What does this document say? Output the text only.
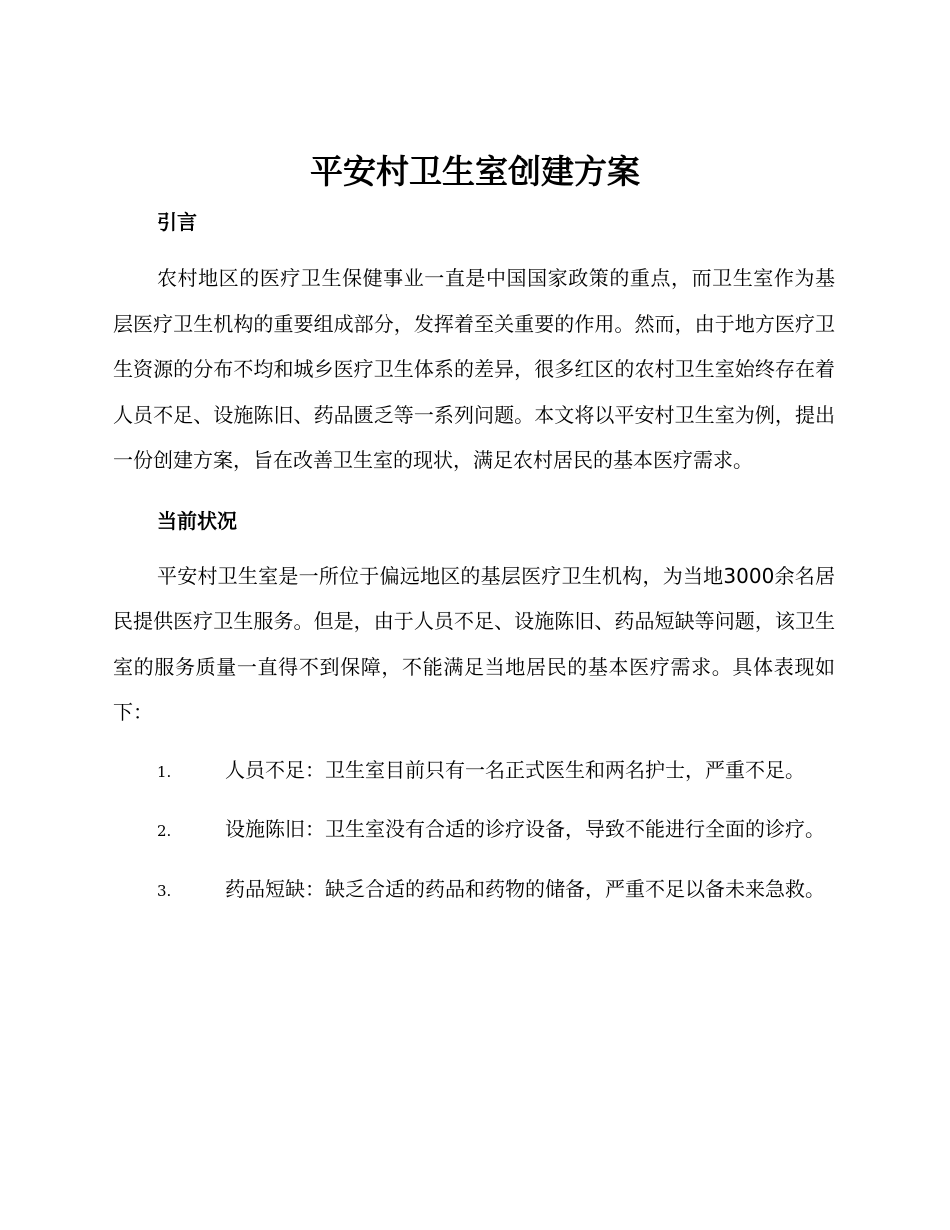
平安村卫生室创建方案
引言

农村地区的医疗卫生保健事业一直是中国国家政策的重点，而卫生室作为基层医疗卫生机构的重要组成部分，发挥着至关重要的作用。然而，由于地方医疗卫生资源的分布不均和城乡医疗卫生体系的差异，很多红区的农村卫生室始终存在着人员不足、设施陈旧、药品匮乏等一系列问题。本文将以平安村卫生室为例，提出一份创建方案，旨在改善卫生室的现状，满足农村居民的基本医疗需求。

当前状况

平安村卫生室是一所位于偏远地区的基层医疗卫生机构，为当地3000余名居民提供医疗卫生服务。但是，由于人员不足、设施陈旧、药品短缺等问题，该卫生室的服务质量一直得不到保障，不能满足当地居民的基本医疗需求。具体表现如下：

1.	人员不足：卫生室目前只有一名正式医生和两名护士，严重不足。

2.	设施陈旧：卫生室没有合适的诊疗设备，导致不能进行全面的诊疗。

3.	药品短缺：缺乏合适的药品和药物的储备，严重不足以备未来急救。
